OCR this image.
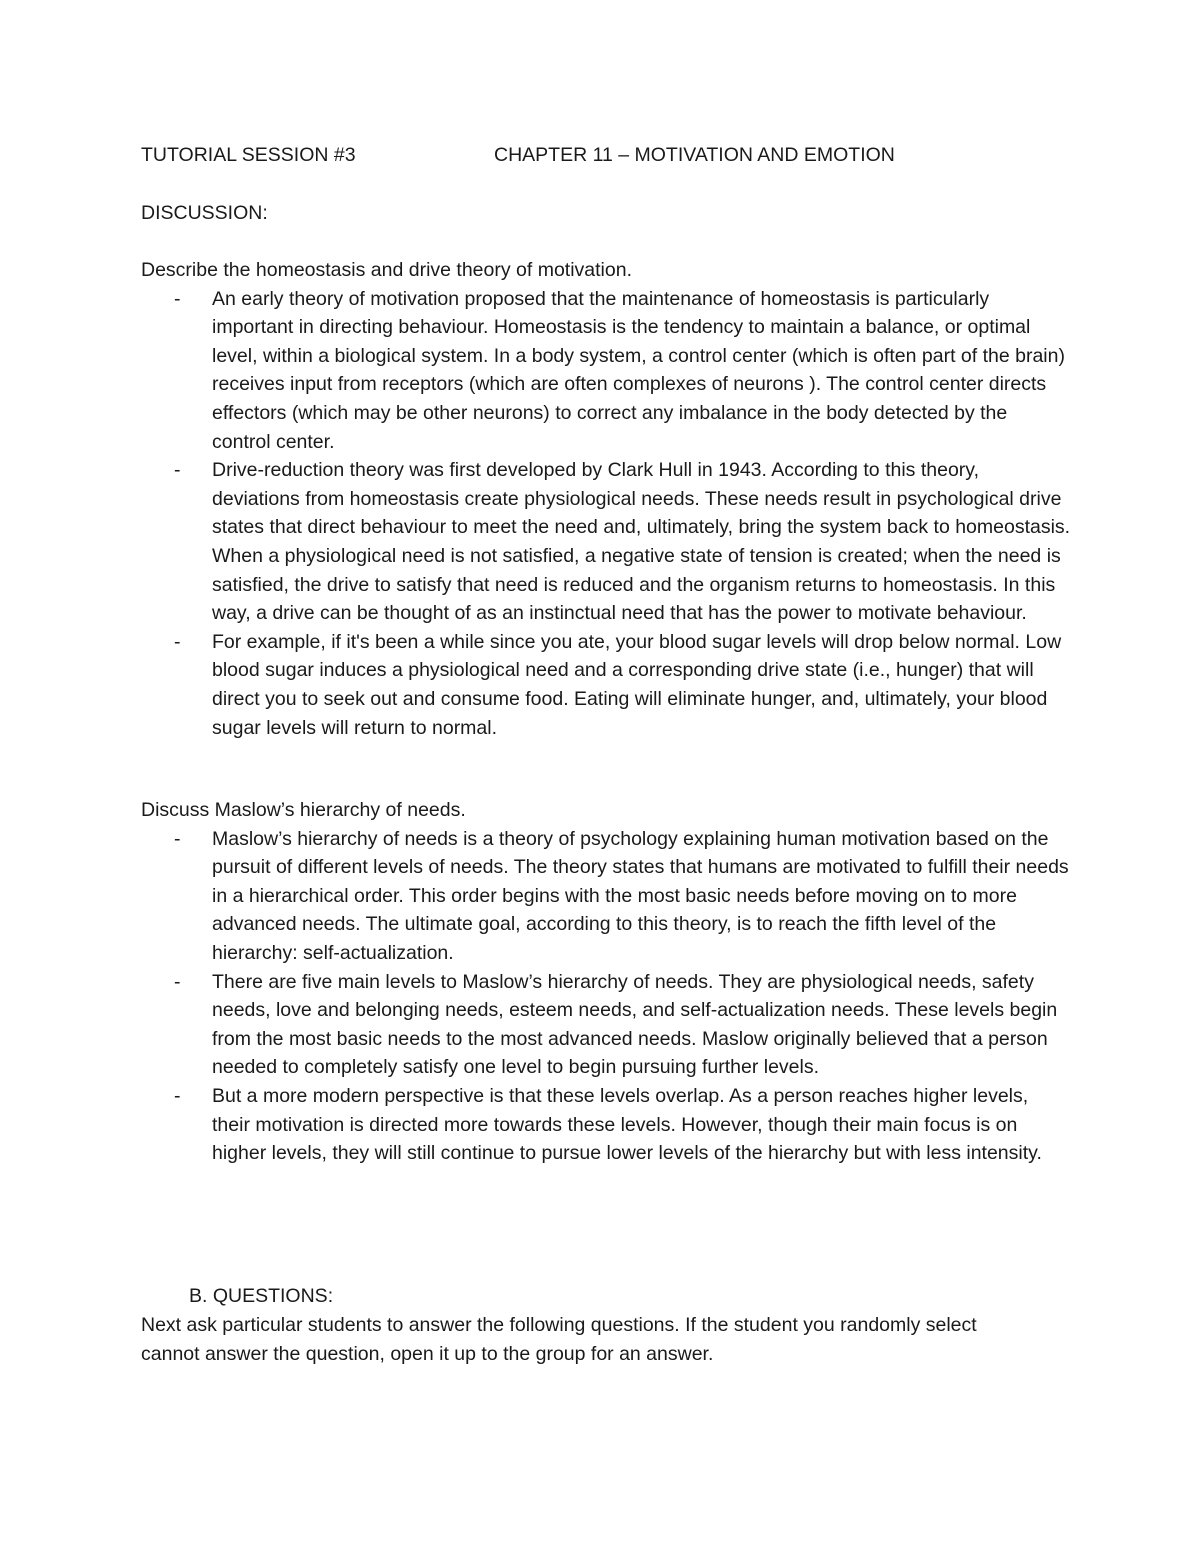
TUTORIAL SESSION #3	CHAPTER 11 – MOTIVATION AND EMOTION
DISCUSSION:

Describe the homeostasis and drive theory of motivation.

- An early theory of motivation proposed that the maintenance of homeostasis is particularly important in directing behaviour. Homeostasis is the tendency to maintain a balance, or optimal level, within a biological system. In a body system, a control center (which is often part of the brain) receives input from receptors (which are often complexes of neurons ). The control center directs effectors (which may be other neurons) to correct any imbalance in the body detected by the control center.
- Drive-reduction theory was first developed by Clark Hull in 1943. According to this theory, deviations from homeostasis create physiological needs. These needs result in psychological drive states that direct behaviour to meet the need and, ultimately, bring the system back to homeostasis. When a physiological need is not satisfied, a negative state of tension is created; when the need is satisfied, the drive to satisfy that need is reduced and the organism returns to homeostasis. In this way, a drive can be thought of as an instinctual need that has the power to motivate behaviour.
- For example, if it's been a while since you ate, your blood sugar levels will drop below normal. Low blood sugar induces a physiological need and a corresponding drive state (i.e., hunger) that will direct you to seek out and consume food. Eating will eliminate hunger, and, ultimately, your blood sugar levels will return to normal.

Discuss Maslow’s hierarchy of needs.

- Maslow’s hierarchy of needs is a theory of psychology explaining human motivation based on the pursuit of different levels of needs. The theory states that humans are motivated to fulfill their needs in a hierarchical order. This order begins with the most basic needs before moving on to more advanced needs. The ultimate goal, according to this theory, is to reach the fifth level of the hierarchy: self-actualization.
- There are five main levels to Maslow’s hierarchy of needs. They are physiological needs, safety needs, love and belonging needs, esteem needs, and self-actualization needs. These levels begin from the most basic needs to the most advanced needs. Maslow originally believed that a person needed to completely satisfy one level to begin pursuing further levels.
- But a more modern perspective is that these levels overlap. As a person reaches higher levels, their motivation is directed more towards these levels. However, though their main focus is on higher levels, they will still continue to pursue lower levels of the hierarchy but with less intensity.
B. QUESTIONS:
Next ask particular students to answer the following questions. If the student you randomly select cannot answer the question, open it up to the group for an answer.
